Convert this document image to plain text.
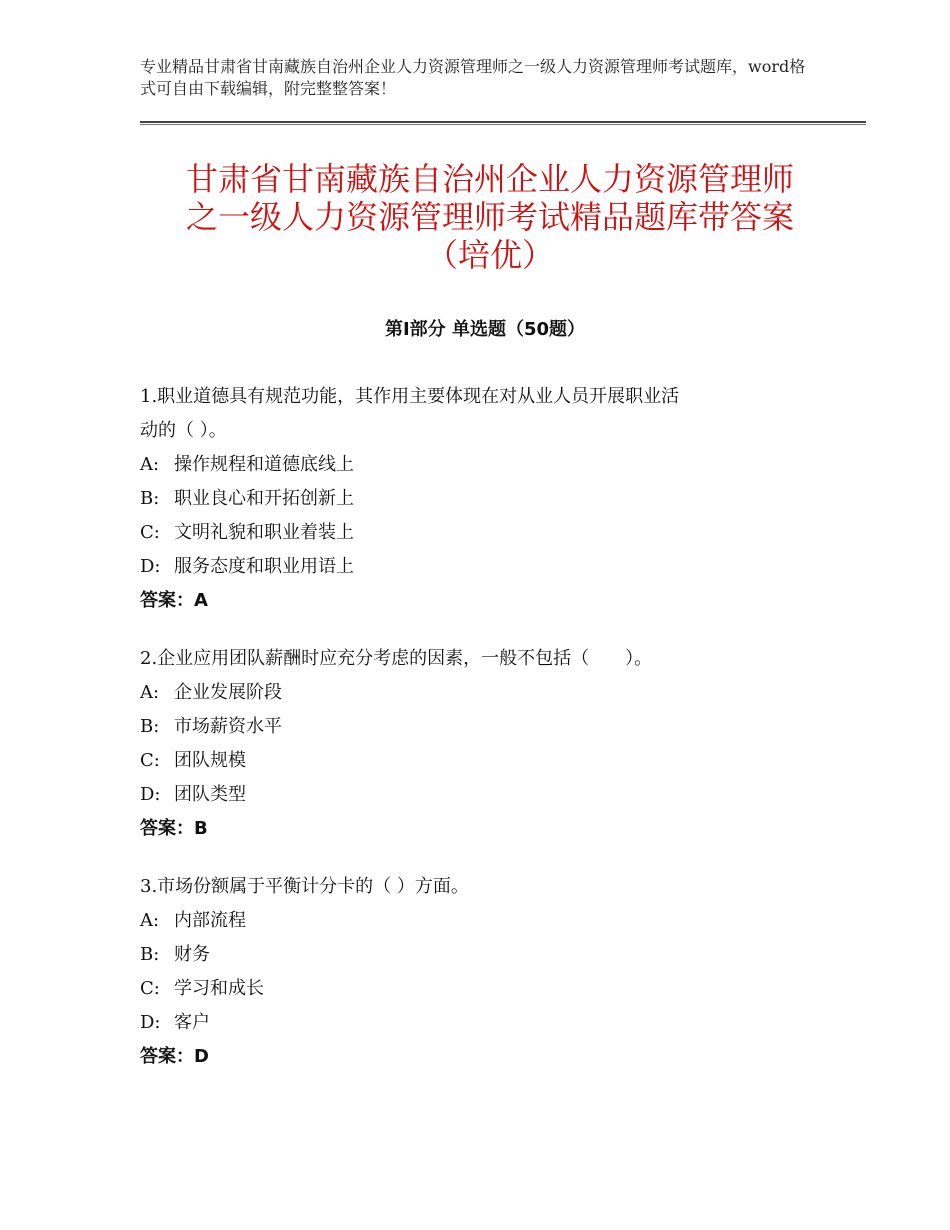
专业精品甘肃省甘南藏族自治州企业人力资源管理师之一级人力资源管理师考试题库，word格式可自由下载编辑，附完整整答案！

甘肃省甘南藏族自治州企业人力资源管理师
之一级人力资源管理师考试精品题库带答案
（培优）
第Ⅰ部分 单选题（50题）

1.职业道德具有规范功能，其作用主要体现在对从业人员开展职业活

动的（ ）。

A: 操作规程和道德底线上

B: 职业良心和开拓创新上

C: 文明礼貌和职业着装上

D: 服务态度和职业用语上

答案：A

2.企业应用团队薪酬时应充分考虑的因素，一般不包括（　　）。

A: 企业发展阶段

B: 市场薪资水平

C: 团队规模

D: 团队类型

答案：B

3.市场份额属于平衡计分卡的（ ）方面。

A: 内部流程

B: 财务

C: 学习和成长

D: 客户

答案：D
